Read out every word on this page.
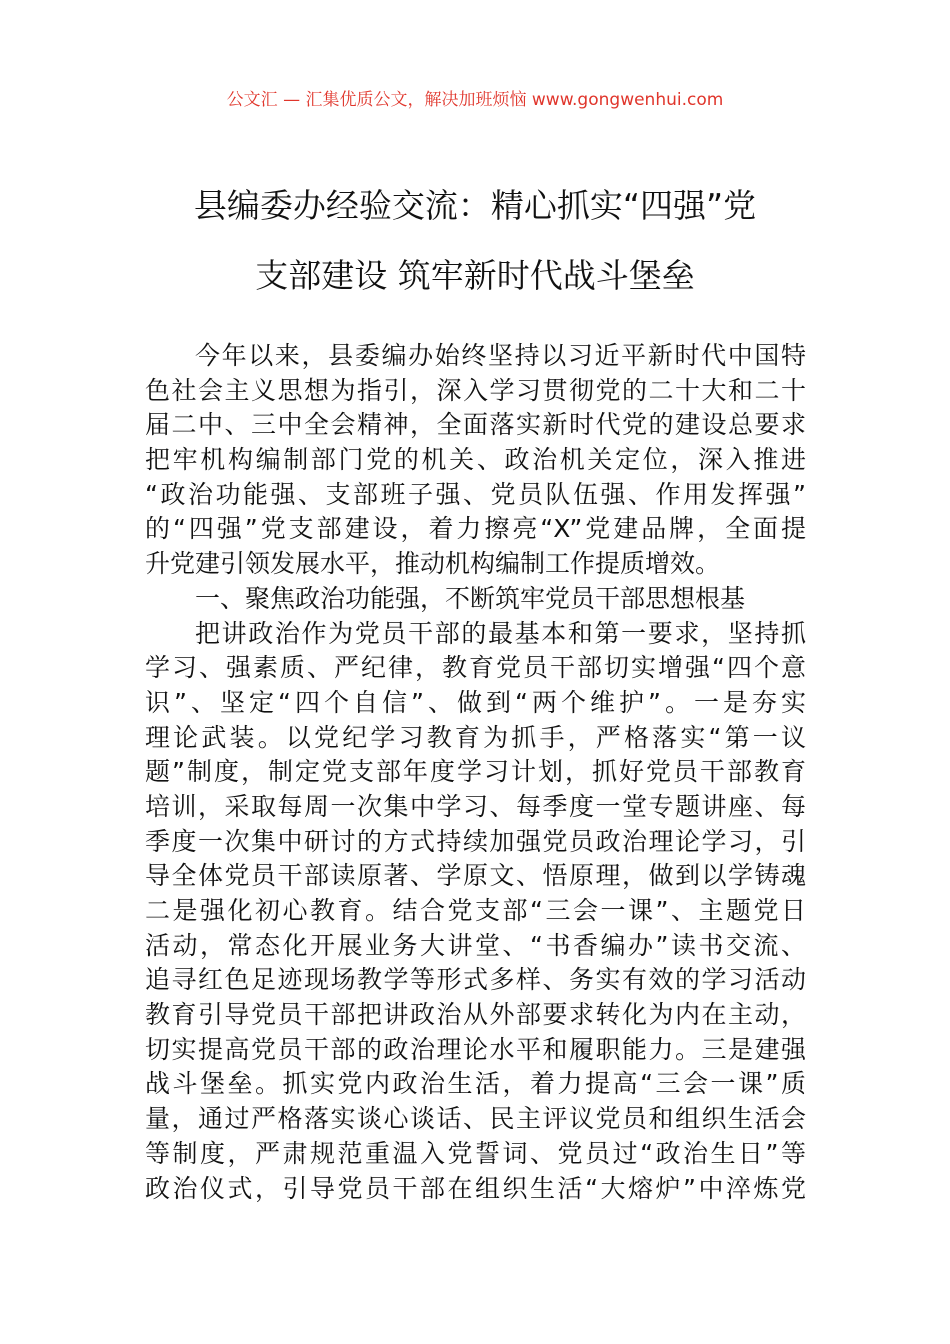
公文汇 — 汇集优质公文，解决加班烦恼 www.gongwenhui.com
县编委办经验交流：精心抓实“四强”党
支部建设 筑牢新时代战斗堡垒
今年以来，县委编办始终坚持以习近平新时代中国特
色社会主义思想为指引，深入学习贯彻党的二十大和二十
届二中、三中全会精神，全面落实新时代党的建设总要求
把牢机构编制部门党的机关、政治机关定位，深入推进
“政治功能强、支部班子强、党员队伍强、作用发挥强”
的“四强”党支部建设，着力擦亮“X”党建品牌，全面提
升党建引领发展水平，推动机构编制工作提质增效。
一、聚焦政治功能强，不断筑牢党员干部思想根基
把讲政治作为党员干部的最基本和第一要求，坚持抓
学习、强素质、严纪律，教育党员干部切实增强“四个意
识”、坚定“四个自信”、做到“两个维护”。一是夯实
理论武装。以党纪学习教育为抓手，严格落实“第一议
题”制度，制定党支部年度学习计划，抓好党员干部教育
培训，采取每周一次集中学习、每季度一堂专题讲座、每
季度一次集中研讨的方式持续加强党员政治理论学习，引
导全体党员干部读原著、学原文、悟原理，做到以学铸魂
二是强化初心教育。结合党支部“三会一课”、主题党日
活动，常态化开展业务大讲堂、“书香编办”读书交流、
追寻红色足迹现场教学等形式多样、务实有效的学习活动
教育引导党员干部把讲政治从外部要求转化为内在主动，
切实提高党员干部的政治理论水平和履职能力。三是建强
战斗堡垒。抓实党内政治生活，着力提高“三会一课”质
量，通过严格落实谈心谈话、民主评议党员和组织生活会
等制度，严肃规范重温入党誓词、党员过“政治生日”等
政治仪式，引导党员干部在组织生活“大熔炉”中淬炼党
